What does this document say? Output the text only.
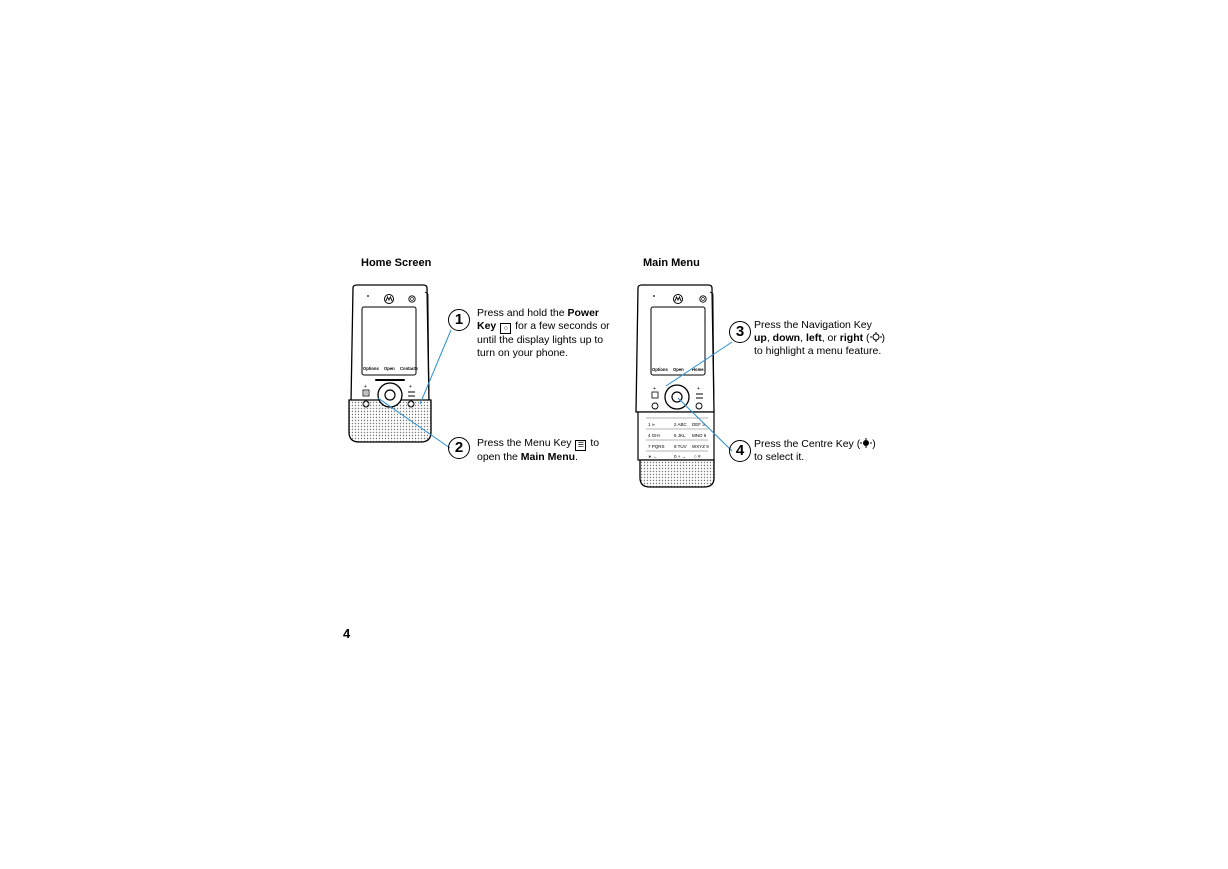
Home Screen	Main Menu
Options Open Contacts
+	+
Options Open Home
+	+
1 ∞	2 ABC DEF 3
4 GHI	5 JKL MNO 6
7 PQRS 8 TUV WXYZ 9
∗ ←	0 + → ○ #
1	Press and hold the Power
Key ○ for a few seconds or
until the display lights up to
turn on your phone.
2	Press the Menu Key ☰ to
open the Main Menu.
3 Press the Navigation Key
up, down, left, or right ( )
to highlight a menu feature.
4 Press the Centre Key ( )
to select it.
4
